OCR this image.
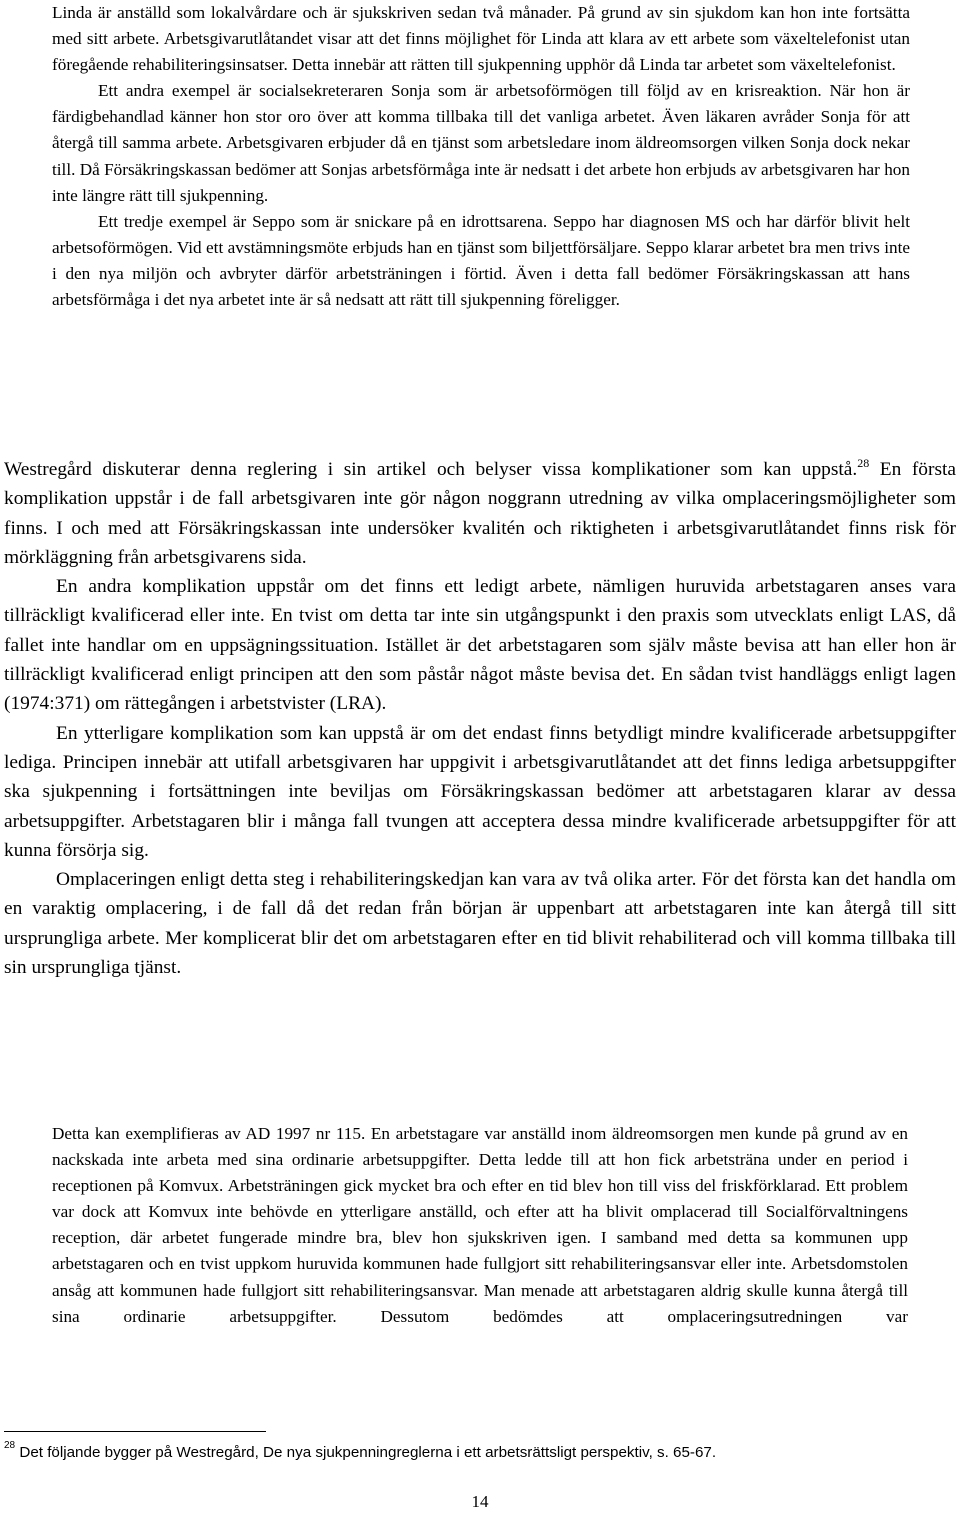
Linda är anställd som lokalvårdare och är sjukskriven sedan två månader. På grund av sin sjukdom kan hon inte fortsätta med sitt arbete. Arbetsgivarutlåtandet visar att det finns möjlighet för Linda att klara av ett arbete som växeltelefonist utan föregående rehabiliteringsinsatser. Detta innebär att rätten till sjukpenning upphör då Linda tar arbetet som växeltelefonist.

Ett andra exempel är socialsekreteraren Sonja som är arbetsoförmögen till följd av en krisreaktion. När hon är färdigbehandlad känner hon stor oro över att komma tillbaka till det vanliga arbetet. Även läkaren avråder Sonja för att återgå till samma arbete. Arbetsgivaren erbjuder då en tjänst som arbetsledare inom äldreomsorgen vilken Sonja dock nekar till. Då Försäkringskassan bedömer att Sonjas arbetsförmåga inte är nedsatt i det arbete hon erbjuds av arbetsgivaren har hon inte längre rätt till sjukpenning.

Ett tredje exempel är Seppo som är snickare på en idrottsarena. Seppo har diagnosen MS och har därför blivit helt arbetsoförmögen. Vid ett avstämningsmöte erbjuds han en tjänst som biljettförsäljare. Seppo klarar arbetet bra men trivs inte i den nya miljön och avbryter därför arbetsträningen i förtid. Även i detta fall bedömer Försäkringskassan att hans arbetsförmåga i det nya arbetet inte är så nedsatt att rätt till sjukpenning föreligger.

Westregård diskuterar denna reglering i sin artikel och belyser vissa komplikationer som kan uppstå.$^{28}$ En första komplikation uppstår i de fall arbetsgivaren inte gör någon noggrann utredning av vilka omplaceringsmöjligheter som finns. I och med att Försäkringskassan inte undersöker kvalitén och riktigheten i arbetsgivarutlåtandet finns risk för mörkläggning från arbetsgivarens sida.

En andra komplikation uppstår om det finns ett ledigt arbete, nämligen huruvida arbetstagaren anses vara tillräckligt kvalificerad eller inte. En tvist om detta tar inte sin utgångspunkt i den praxis som utvecklats enligt LAS, då fallet inte handlar om en uppsägningssituation. Istället är det arbetstagaren som själv måste bevisa att han eller hon är tillräckligt kvalificerad enligt principen att den som påstår något måste bevisa det. En sådan tvist handläggs enligt lagen (1974:371) om rättegången i arbetstvister (LRA).

En ytterligare komplikation som kan uppstå är om det endast finns betydligt mindre kvalificerade arbetsuppgifter lediga. Principen innebär att utifall arbetsgivaren har uppgivit i arbetsgivarutlåtandet att det finns lediga arbetsuppgifter ska sjukpenning i fortsättningen inte beviljas om Försäkringskassan bedömer att arbetstagaren klarar av dessa arbetsuppgifter. Arbetstagaren blir i många fall tvungen att acceptera dessa mindre kvalificerade arbetsuppgifter för att kunna försörja sig.

Omplaceringen enligt detta steg i rehabiliteringskedjan kan vara av två olika arter. För det första kan det handla om en varaktig omplacering, i de fall då det redan från början är uppenbart att arbetstagaren inte kan återgå till sitt ursprungliga arbete. Mer komplicerat blir det om arbetstagaren efter en tid blivit rehabiliterad och vill komma tillbaka till sin ursprungliga tjänst.

Detta kan exemplifieras av AD 1997 nr 115. En arbetstagare var anställd inom äldreomsorgen men kunde på grund av en nackskada inte arbeta med sina ordinarie arbetsuppgifter. Detta ledde till att hon fick arbetsträna under en period i receptionen på Komvux. Arbetsträningen gick mycket bra och efter en tid blev hon till viss del friskförklarad. Ett problem var dock att Komvux inte behövde en ytterligare anställd, och efter att ha blivit omplacerad till Socialförvaltningens reception, där arbetet fungerade mindre bra, blev hon sjukskriven igen. I samband med detta sa kommunen upp arbetstagaren och en tvist uppkom huruvida kommunen hade fullgjort sitt rehabiliteringsansvar eller inte. Arbetsdomstolen ansåg att kommunen hade fullgjort sitt rehabiliteringsansvar. Man menade att arbetstagaren aldrig skulle kunna återgå till sina ordinarie arbetsuppgifter. Dessutom bedömdes att omplaceringsutredningen var

$^{28}$ Det följande bygger på Westregård, De nya sjukpenningreglerna i ett arbetsrättsligt perspektiv, s. 65-67.
14
